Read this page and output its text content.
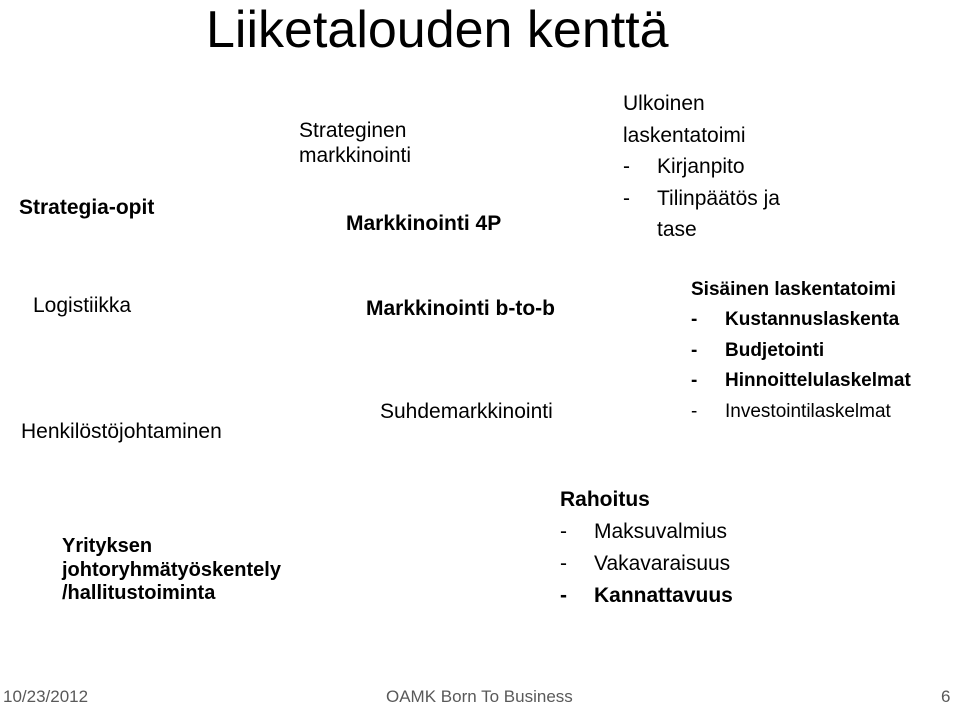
Liiketalouden kenttä
Strategia-opit
Logistiikka
Henkilöstöjohtaminen
Yrityksen
johtoryhmätyöskentely
/hallitustoiminta
Strateginen
markkinointi
Markkinointi 4P
Markkinointi b-to-b
Suhdemarkkinointi
Ulkoinen
laskentatoimi
- Kirjanpito
- Tilinpäätös ja
tase
Sisäinen laskentatoimi
- Kustannuslaskenta
- Budjetointi
- Hinnoittelulaskelmat
- Investointilaskelmat
Rahoitus
- Maksuvalmius
- Vakavaraisuus
- Kannattavuus
10/23/2012	OAMK Born To Business	6
